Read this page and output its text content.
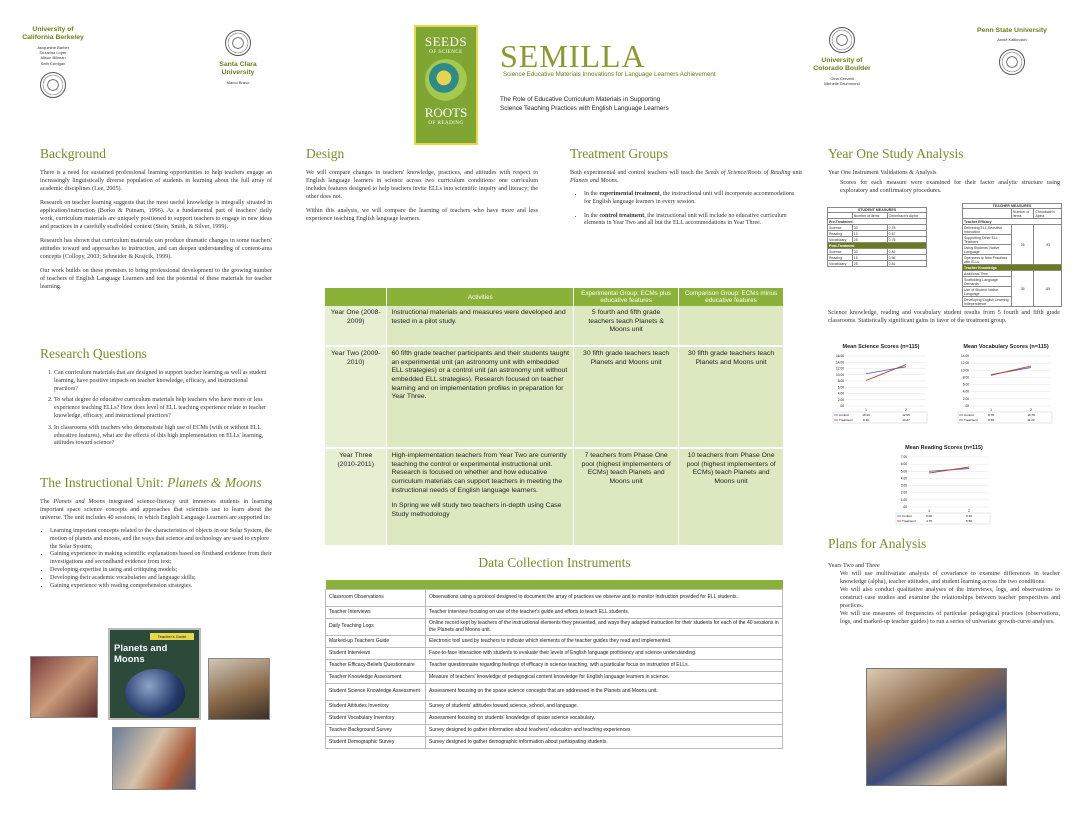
University of California Berkeley
Jacqueline Barber
Suzanna Loper
Alison Billman
Seth Corrigan	Santa Clara University
Marco Bravo
SEEDS
OF SCIENCE
ROOTS
OF READING
SEMILLA
Science Educative Materials Innovations for Language Learners Achievement
The Role of Educative Curriculum Materials in Supporting Science Teaching Practices with English Language Learners
University of Colorado Boulder
Gina Cervetti
Michelle Drummond
Penn State University
Annie Kaliknoich
Background

There is a need for sustained professional learning opportunities to help teachers engage an increasingly linguistically diverse population of students in learning about the full array of academic disciplines (Lee, 2005).

Research on teacher learning suggests that the most useful knowledge is integrally situated in application/instruction (Borko & Putnam, 1996). As a fundamental part of teachers' daily work, curriculum materials are uniquely positioned to support teachers to engage in new ideas and practices in a carefully scaffolded context (Stein, Smith, & Silver, 1999).

Research has shown that curriculum materials can produce dramatic changes in some teachers' attitudes toward and approaches to instruction, and can deepen understanding of content-area concepts (Collopy, 2003; Schneider & Krajcik, 1999).

Our work builds on these premises to bring professional development to the growing number of teachers of English Language Learners and test the potential of these materials for teacher learning.

Research Questions
1. Can curriculum materials that are designed to support teacher learning as well as student learning, have positive impacts on teacher knowledge, efficacy, and instructional practices?
2. To what degree do educative curriculum materials help teachers who have more or less experience teaching ELLs? How does level of ELL teaching experience relate to teacher knowledge, efficacy, and instructional practices?
3. In classrooms with teachers who demonstrate high use of ECMs (with or without ELL educative features), what are the effects of this high implementation on ELLs' learning, attitudes toward science?
The Instructional Unit: Planets & Moons

The Planets and Moons integrated science-literacy unit immerses students in learning important space science concepts and approaches that scientists use to learn about the universe. The unit includes 40 sessions, in which English Language Learners are supported in:

• Learning important concepts related to the characteristics of objects in our Solar System, the motion of planets and moons, and the ways that science and technology are used to explore the Solar System;
• Gaining experience in making scientific explanations based on firsthand evidence from their investigations and secondhand evidence from text;
• Developing expertise in using and critiquing models;
• Developing their academic vocabularies and language skills;
• Gaining experience with reading comprehension strategies.
Teacher's Guide
Planets and Moons
Design

We will compare changes in teachers' knowledge, practices, and attitudes with respect to English language learners in science across two curriculum conditions: one curriculum includes features designed to help teachers invite ELLs into scientific inquiry and literacy; the other does not.

Within this analysis, we will compare the learning of teachers who have more and less experience teaching English language learners.

Treatment Groups

Both experimental and control teachers will teach the Seeds of Science/Roots of Reading unit Planets and Moons.

• In the experimental treatment, the instructional unit will incorporate accommodations for English language learners in every session.
• In the control treatment, the instructional unit will include no educative curriculum elements in Year Two and all but the ELL accommodations in Year Three.
	Activities	Experimental Group: ECMs plus educative features	Comparison Group: ECMs minus educative features
Year One (2008-2009)	Instructional materials and measures were developed and tested in a pilot study.	5 fourth and fifth grade teachers teach Planets & Moons unit	
Year Two (2009-2010)	60 fifth grade teacher participants and their students taught an experimental unit (an astronomy unit with embedded ELL strategies) or a control unit (an astronomy unit without embedded ELL strategies). Research focused on teacher learning and on implementation profiles in preparation for Year Three.	30 fifth grade teachers teach Planets and Moons unit	30 fifth grade teachers teach Planets and Moons unit
Year Three (2010-2011)	High-implementation teachers from Year Two are currently teaching the control or experimental instructional unit. Research is focused on whether and how educative curriculum materials can support teachers in meeting the instructional needs of English language learners.
In Spring we will study two teachers in-depth using Case Study methodology	7 teachers from Phase One pool (highest implementers of ECMs) teach Planets and Moons unit	10 teachers from Phase One pool (highest implementers of ECMs) teach Planets and Moons unit
Data Collection Instruments

Classroom Observations	Observations using a protocol designed to document the array of practices we observe and to monitor instruction provided for ELL students.
Teacher Interviews	Teacher interview focusing on use of the teacher's guide and efforts to teach ELL students.
Daily Teaching Logs	Online record kept by teachers of the instructional elements they presented, and ways they adapted instruction for their students for each of the 40 sessions in the Planets and Moons unit.
Marked-up Teachers Guide	Electronic tool used by teachers to indicate which elements of the teacher guides they read and implemented.
Student Interviews	Face-to-face interaction with students to evaluate their levels of English language proficiency and science understanding.
Teacher Efficacy-Beliefs Questionnaire	Teacher questionnaire regarding feelings of efficacy in science teaching, with a particular focus on instruction of ELLs.
Teacher Knowledge Assessment	Measure of teachers' knowledge of pedagogical content knowledge for English language learners in science.
Student Science Knowledge Assessment	Assessment focusing on the space science concepts that are addressed in the Planets and Moons unit.
Student Attitudes Inventory	Survey of students' attitudes toward science, school, and language.
Student Vocabulary Inventory	Assessment focusing on students' knowledge of space science vocabulary.
Teacher Background Survey	Survey designed to gather information about teachers' education and teaching experiences
Student Demographic Survey	Survey designed to gather demographic information about participating students.
Year One Study Analysis

Year One Instrument Validations & Analysis

Scores for each measure were examined for their factor analytic structure using exploratory and confirmatory procedures.

STUDENT MEASURES
	Number of items	Chronbach's Alpha
Pre-Treatment		
Science	30	0.78
Reading	10	0.67
Vocabulary	25	0.75
Post-Treatment		
Science	30	0.82
Reading	15	0.66
Vocabulary	25	0.81
TEACHER MEASURES
	Number of Items	Chronbach's Alpha
Teacher Efficacy		
Delivering ELL-Sensitive Instruction	25	.93
Supporting Other ELL Teachers		
Using Students' Native Language		
Openness to New Practices with ELLs		
Teacher Knowledge		
Additional Time	35	.65
Scaffolding Language Demands		
Use of Student Native Language		
Developing English Learning Independence		

Science knowledge, reading and vocabulary student results from 5 fourth and fifth grade classrooms. Statistically significant gains in favor of the treatment group.

Mean Science Scores (n=115)
16.00
14.00
12.00
10.00
8.00
6.00
4.00
2.00
.00
1	2
Control	10.33	12.56
Treatment	8.16	13.27
Mean Vocabulary Scores (n=115)
14.00
12.00
10.00
8.00
6.00
4.00
2.00
.00
1	2
Control	8.78	10.78
Treatment	8.59	11.22
Mean Reading Scores (n=115)
7.00
6.00
5.00
4.00
3.00
2.00
1.00
.00
1	2
Control	5.00	5.39
Treatment	4.75	5.59
Plans for Analysis

Years Two and Three

We will use multivariate analysis of covariance to examine differences in teacher knowledge (alpha), teacher attitudes, and student learning across the two conditions.

We will also conduct qualitative analyses of the interviews, logs, and observations to construct case studies and examine the relationships between teacher perspectives and practices.

We will use measures of frequencies of particular pedagogical practices (observations, logs, and marked-up teacher guides) to run a series of univariate growth-curve analyses.
